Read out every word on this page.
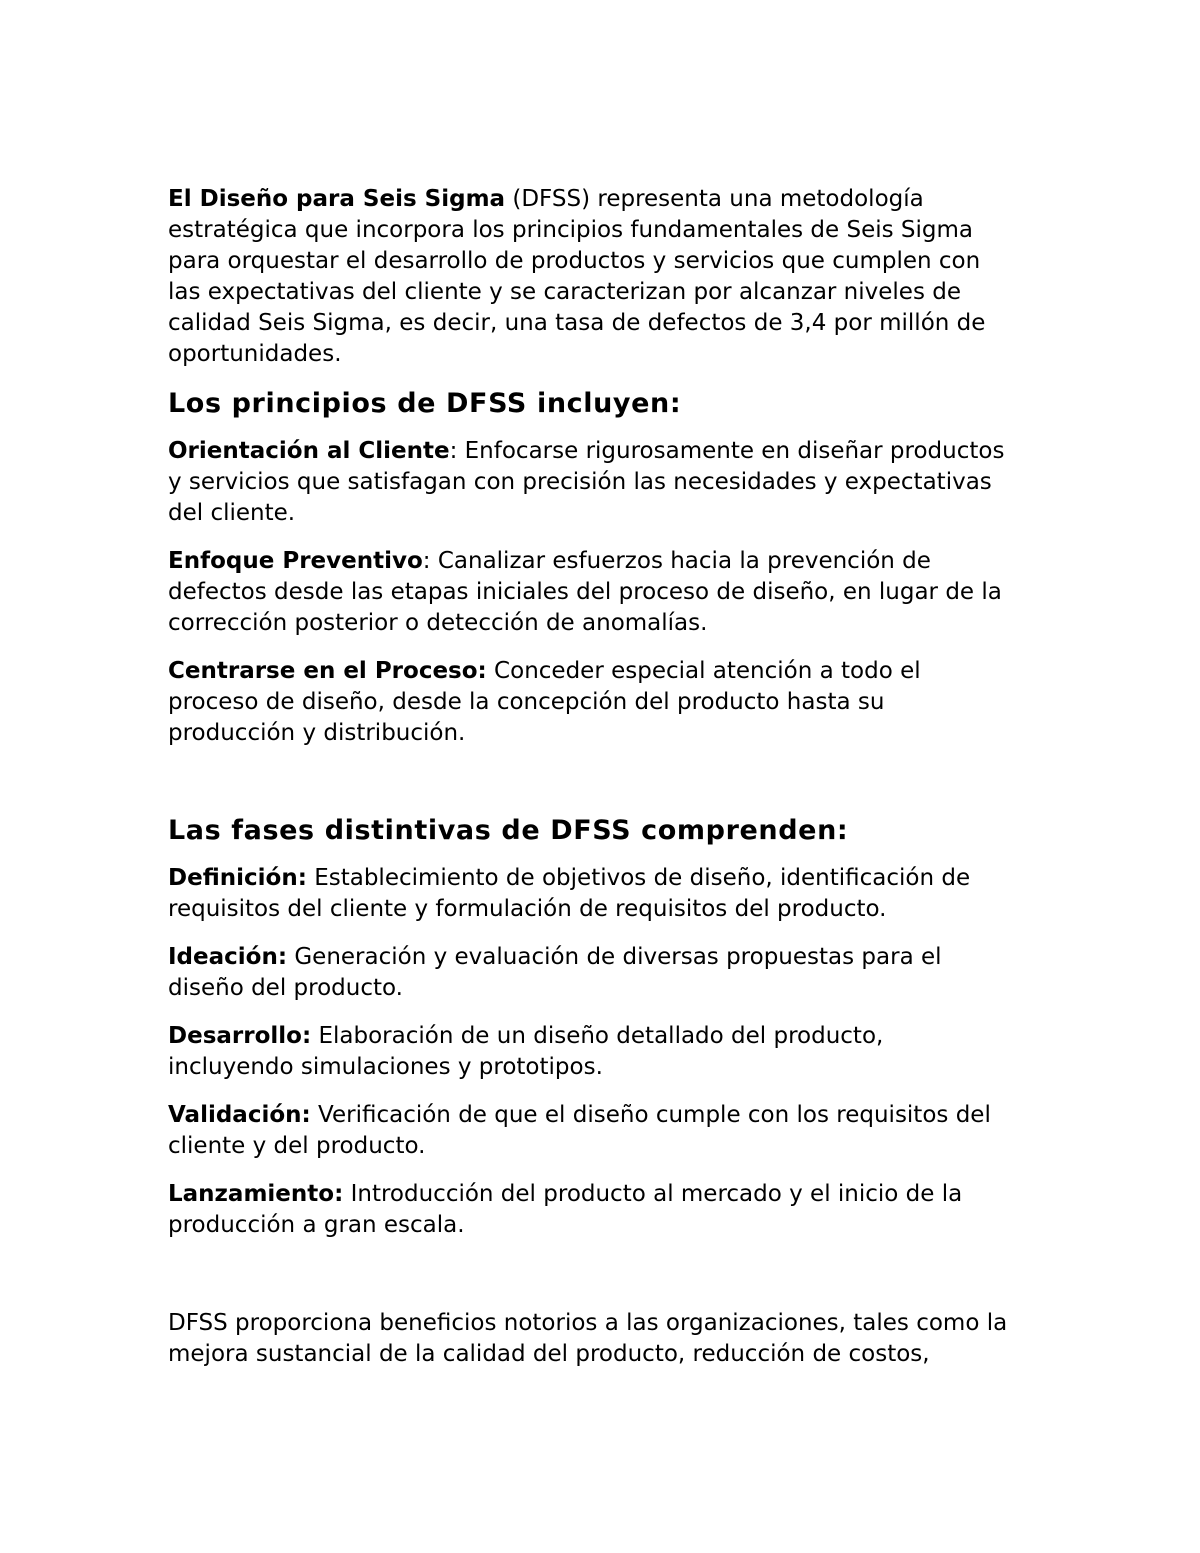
El Diseño para Seis Sigma (DFSS) representa una metodología
estratégica que incorpora los principios fundamentales de Seis Sigma
para orquestar el desarrollo de productos y servicios que cumplen con
las expectativas del cliente y se caracterizan por alcanzar niveles de
calidad Seis Sigma, es decir, una tasa de defectos de 3,4 por millón de
oportunidades.

Los principios de DFSS incluyen:

Orientación al Cliente: Enfocarse rigurosamente en diseñar productos
y servicios que satisfagan con precisión las necesidades y expectativas
del cliente.

Enfoque Preventivo: Canalizar esfuerzos hacia la prevención de
defectos desde las etapas iniciales del proceso de diseño, en lugar de la
corrección posterior o detección de anomalías.

Centrarse en el Proceso: Conceder especial atención a todo el
proceso de diseño, desde la concepción del producto hasta su
producción y distribución.

Las fases distintivas de DFSS comprenden:

Definición: Establecimiento de objetivos de diseño, identificación de
requisitos del cliente y formulación de requisitos del producto.

Ideación: Generación y evaluación de diversas propuestas para el
diseño del producto.

Desarrollo: Elaboración de un diseño detallado del producto,
incluyendo simulaciones y prototipos.

Validación: Verificación de que el diseño cumple con los requisitos del
cliente y del producto.

Lanzamiento: Introducción del producto al mercado y el inicio de la
producción a gran escala.

DFSS proporciona beneficios notorios a las organizaciones, tales como la
mejora sustancial de la calidad del producto, reducción de costos,
